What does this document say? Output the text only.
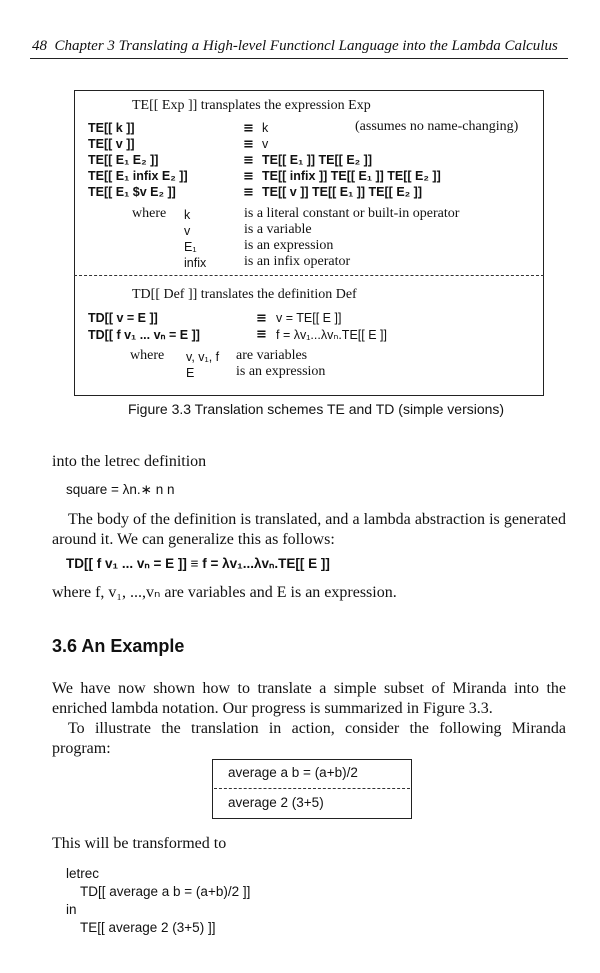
48 Chapter 3 Translating a High-level Functioncl Language into the Lambda Calculus
TE[[ Exp ]] transplates the expression Exp
TE[[ k ]]	≡ k	(assumes no name-changing)
TE[[ v ]]	≡ v
TE[[ E₁ E₂ ]]	≡ TE[[ E₁ ]] TE[[ E₂ ]]
TE[[ E₁ infix E₂ ]]	≡ TE[[ infix ]] TE[[ E₁ ]] TE[[ E₂ ]]
TE[[ E₁ $v E₂ ]]	≡ TE[[ v ]] TE[[ E₁ ]] TE[[ E₂ ]]
where k	is a literal constant or built-in operator
v	is a variable
E₁	is an expression
infix	is an infix operator
TD[[ Def ]] translates the definition Def
TD[[ v = E ]]	≡ v = TE[[ E ]]
TD[[ f v₁ ... vₙ = E ]]	≡ f = λv₁...λvₙ.TE[[ E ]]
where v, v₁, f are variables
E	is an expression
Figure 3.3 Translation schemes TE and TD (simple versions)
into the letrec definition
square = λn.∗ n n
The body of the definition is translated, and a lambda abstraction is generated around it. We can generalize this as follows:
TD[[ f v₁ ... vₙ = E ]] ≡ f = λv₁...λvₙ.TE[[ E ]]
where f, v₁, ...,vₙ are variables and E is an expression.
3.6 An Example
We have now shown how to translate a simple subset of Miranda into the enriched lambda notation. Our progress is summarized in Figure 3.3.
To illustrate the translation in action, consider the following Miranda program:
average a b = (a+b)/2
average 2 (3+5)
This will be transformed to
letrec
TD[[ average a b = (a+b)/2 ]]
in
TE[[ average 2 (3+5) ]]
